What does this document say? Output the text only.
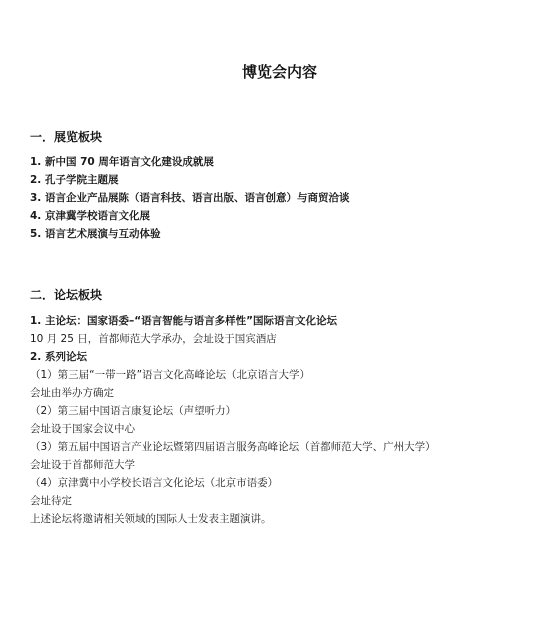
博览会内容
一．展览板块
1. 新中国 70 周年语言文化建设成就展
2. 孔子学院主题展
3. 语言企业产品展陈（语言科技、语言出版、语言创意）与商贸洽谈
4. 京津冀学校语言文化展
5. 语言艺术展演与互动体验
二．论坛板块
1. 主论坛：国家语委–“语言智能与语言多样性”国际语言文化论坛
10 月 25 日，首都师范大学承办，会址设于国宾酒店
2. 系列论坛
（1）第三届“一带一路”语言文化高峰论坛（北京语言大学）
会址由举办方确定
（2）第三届中国语言康复论坛（声望听力）
会址设于国家会议中心
（3）第五届中国语言产业论坛暨第四届语言服务高峰论坛（首都师范大学、广州大学）
会址设于首都师范大学
（4）京津冀中小学校长语言文化论坛（北京市语委）
会址待定
上述论坛将邀请相关领域的国际人士发表主题演讲。
